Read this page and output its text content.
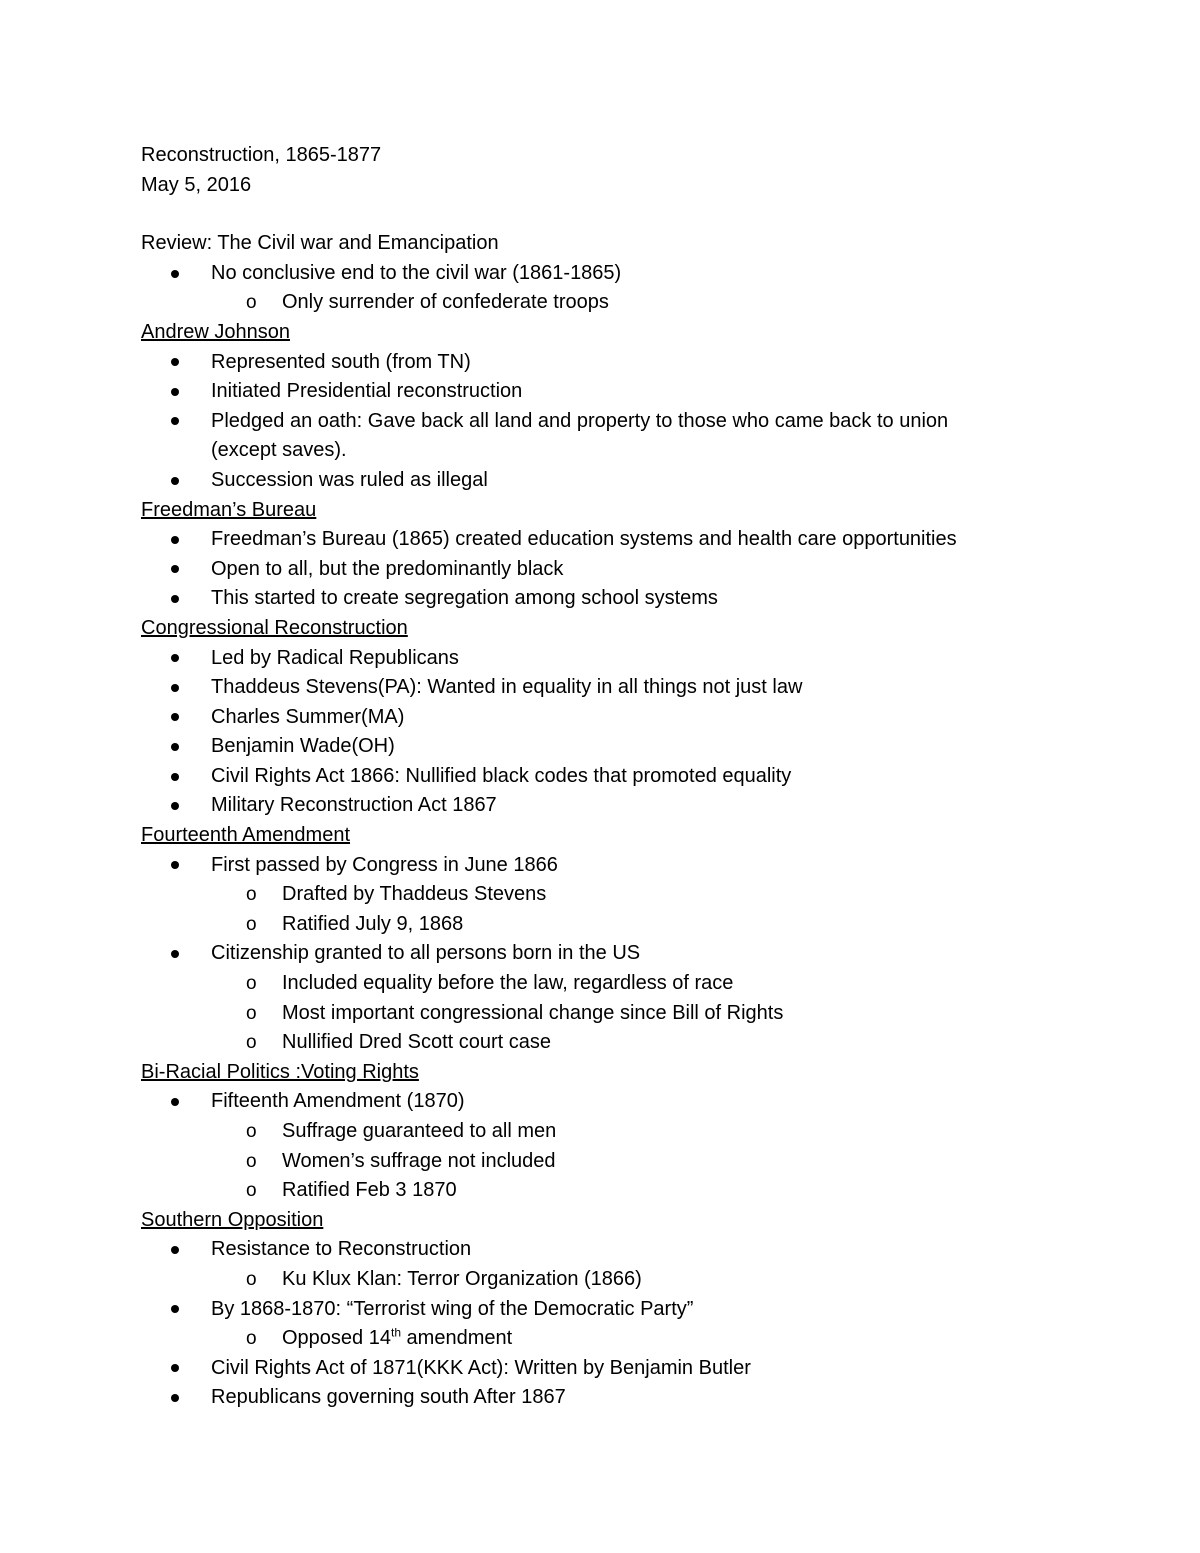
Reconstruction, 1865-1877
May 5, 2016
Review: The Civil war and Emancipation
No conclusive end to the civil war (1861-1865)
o Only surrender of confederate troops
Andrew Johnson
Represented south (from TN)
Initiated Presidential reconstruction
Pledged an oath: Gave back all land and property to those who came back to union
(except saves).
Succession was ruled as illegal
Freedman’s Bureau
Freedman’s Bureau (1865) created education systems and health care opportunities
Open to all, but the predominantly black
This started to create segregation among school systems
Congressional Reconstruction
Led by Radical Republicans
Thaddeus Stevens(PA): Wanted in equality in all things not just law
Charles Summer(MA)
Benjamin Wade(OH)
Civil Rights Act 1866: Nullified black codes that promoted equality
Military Reconstruction Act 1867
Fourteenth Amendment
First passed by Congress in June 1866
o Drafted by Thaddeus Stevens
o Ratified July 9, 1868
Citizenship granted to all persons born in the US
o Included equality before the law, regardless of race
o Most important congressional change since Bill of Rights
o Nullified Dred Scott court case
Bi-Racial Politics :Voting Rights
Fifteenth Amendment (1870)
o Suffrage guaranteed to all men
o Women’s suffrage not included
o Ratified Feb 3 1870
Southern Opposition
Resistance to Reconstruction
o Ku Klux Klan: Terror Organization (1866)
By 1868-1870: “Terrorist wing of the Democratic Party”
o Opposed 14th amendment
Civil Rights Act of 1871(KKK Act): Written by Benjamin Butler
Republicans governing south After 1867
